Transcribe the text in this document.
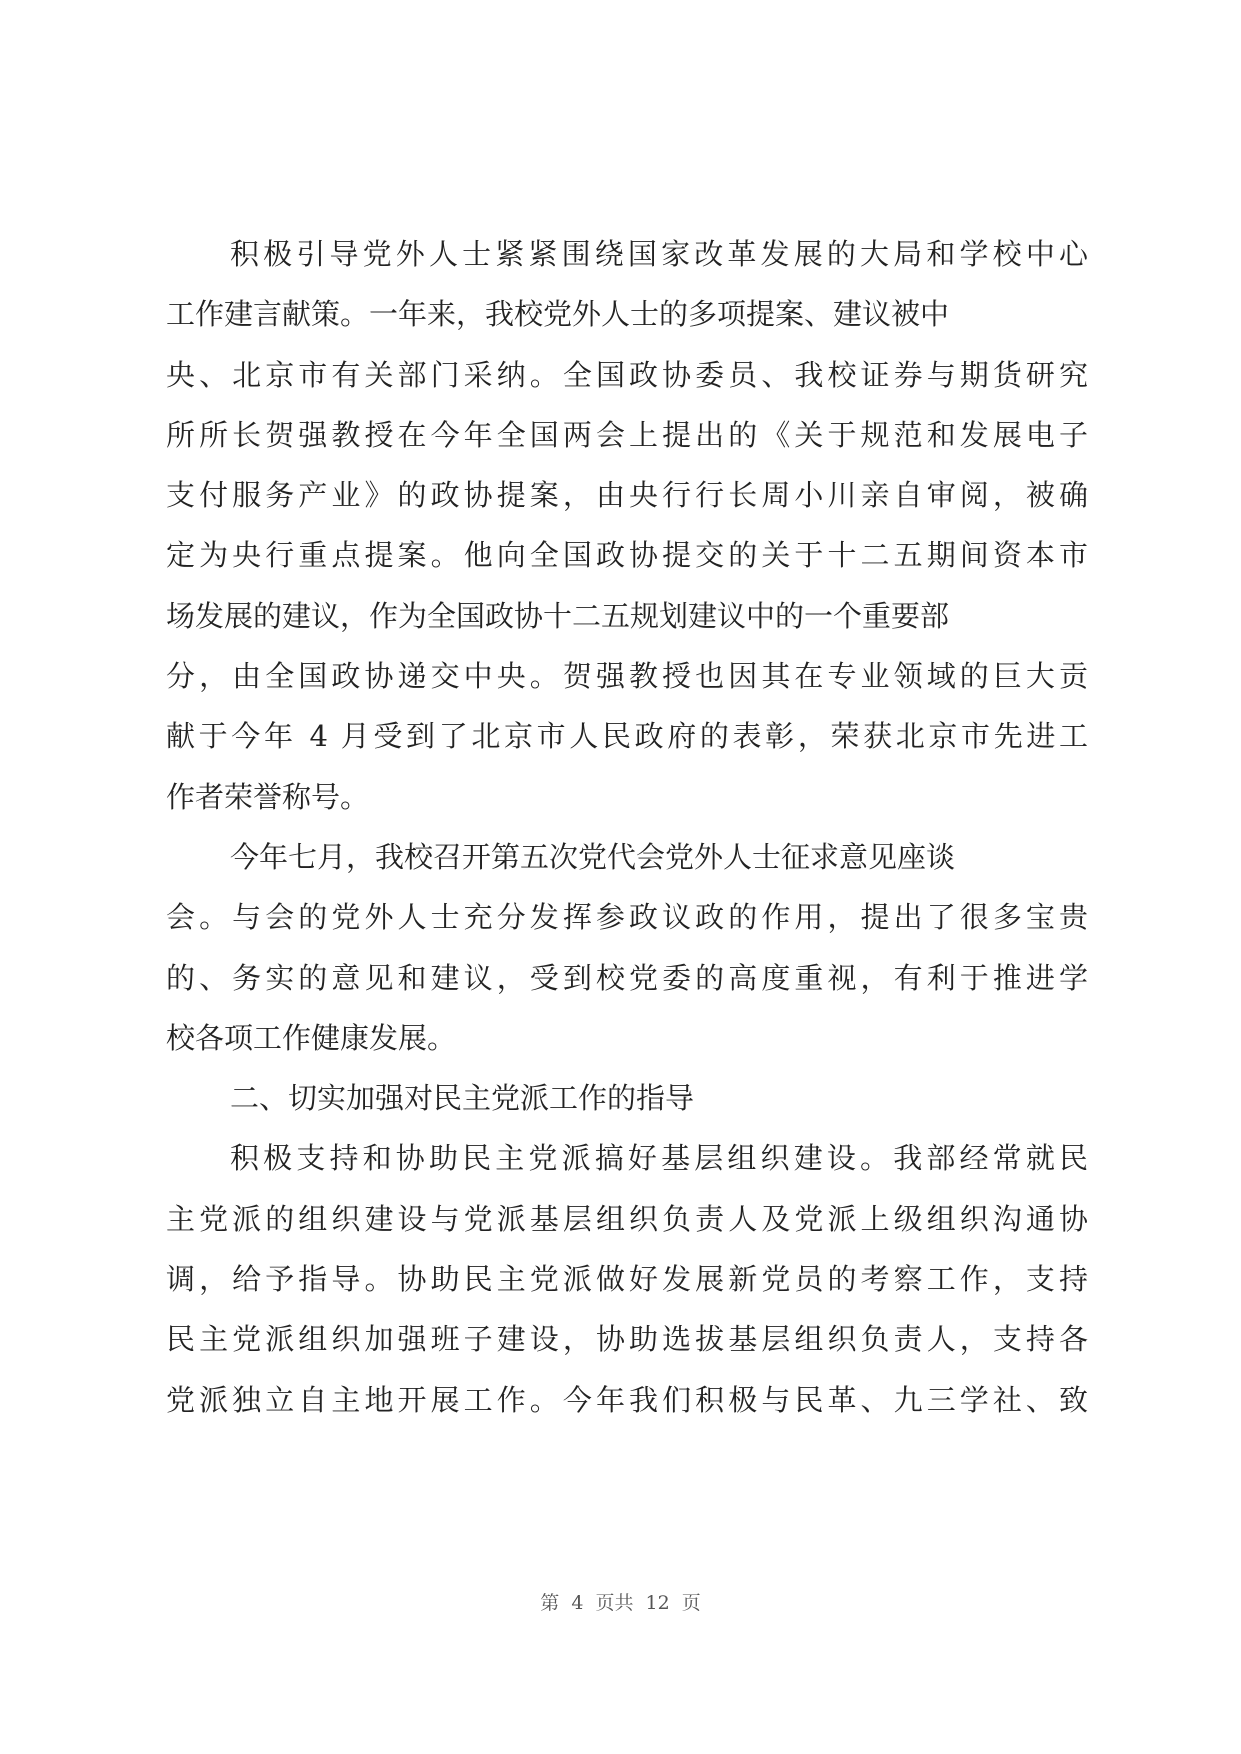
积极引导党外人士紧紧围绕国家改革发展的大局和学校中心
工作建言献策。一年来，我校党外人士的多项提案、建议被中
央、北京市有关部门采纳。全国政协委员、我校证券与期货研究
所所长贺强教授在今年全国两会上提出的《关于规范和发展电子
支付服务产业》的政协提案，由央行行长周小川亲自审阅，被确
定为央行重点提案。他向全国政协提交的关于十二五期间资本市
场发展的建议，作为全国政协十二五规划建议中的一个重要部
分，由全国政协递交中央。贺强教授也因其在专业领域的巨大贡
献于今年 4 月受到了北京市人民政府的表彰，荣获北京市先进工
作者荣誉称号。
今年七月，我校召开第五次党代会党外人士征求意见座谈
会。与会的党外人士充分发挥参政议政的作用，提出了很多宝贵
的、务实的意见和建议，受到校党委的高度重视，有利于推进学
校各项工作健康发展。
二、切实加强对民主党派工作的指导
积极支持和协助民主党派搞好基层组织建设。我部经常就民
主党派的组织建设与党派基层组织负责人及党派上级组织沟通协
调，给予指导。协助民主党派做好发展新党员的考察工作，支持
民主党派组织加强班子建设，协助选拔基层组织负责人，支持各
党派独立自主地开展工作。今年我们积极与民革、九三学社、致
第 4 页共 12 页
